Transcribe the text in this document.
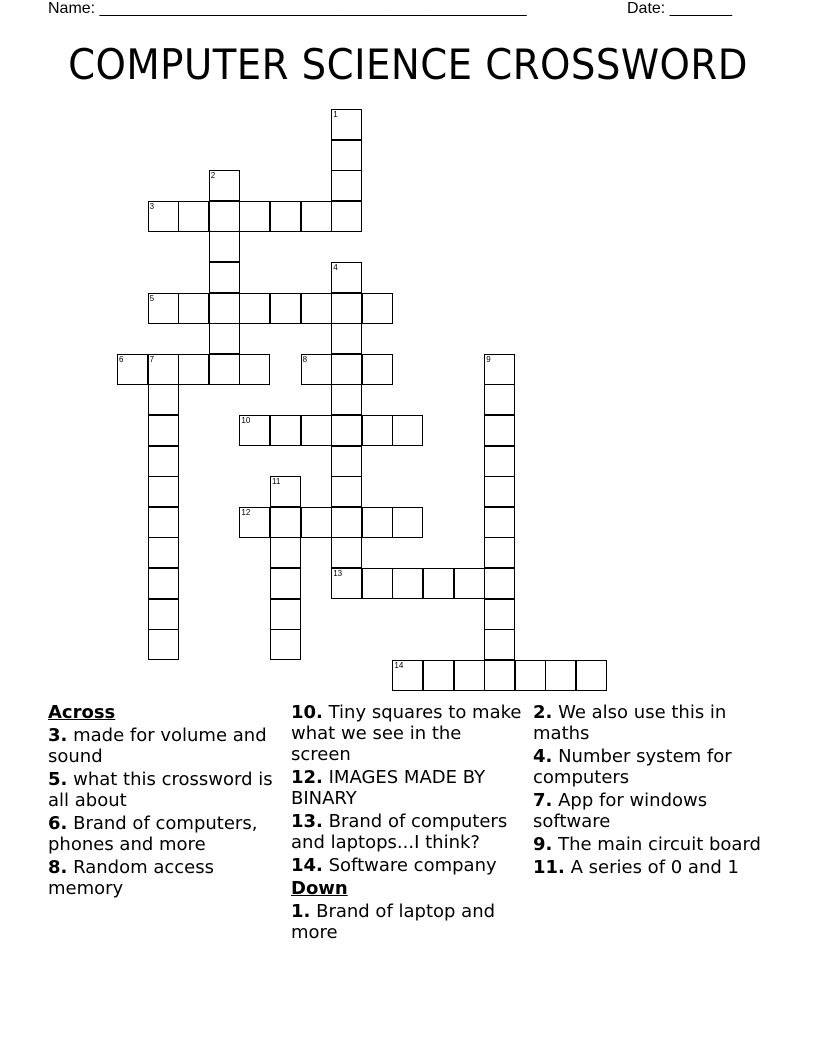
Name: ________________________________________________	Date: _______
COMPUTER SCIENCE CROSSWORD
1
2
3
4
5
6	7	8	9
10
11
12
13
14
Across
3. made for volume and sound
5. what this crossword is all about
6. Brand of computers, phones and more
8. Random access memory
10. Tiny squares to make what we see in the screen
12. IMAGES MADE BY BINARY
13. Brand of computers and laptops...I think?
14. Software company
Down
1. Brand of laptop and more
2. We also use this in maths
4. Number system for computers
7. App for windows software
9. The main circuit board
11. A series of 0 and 1
